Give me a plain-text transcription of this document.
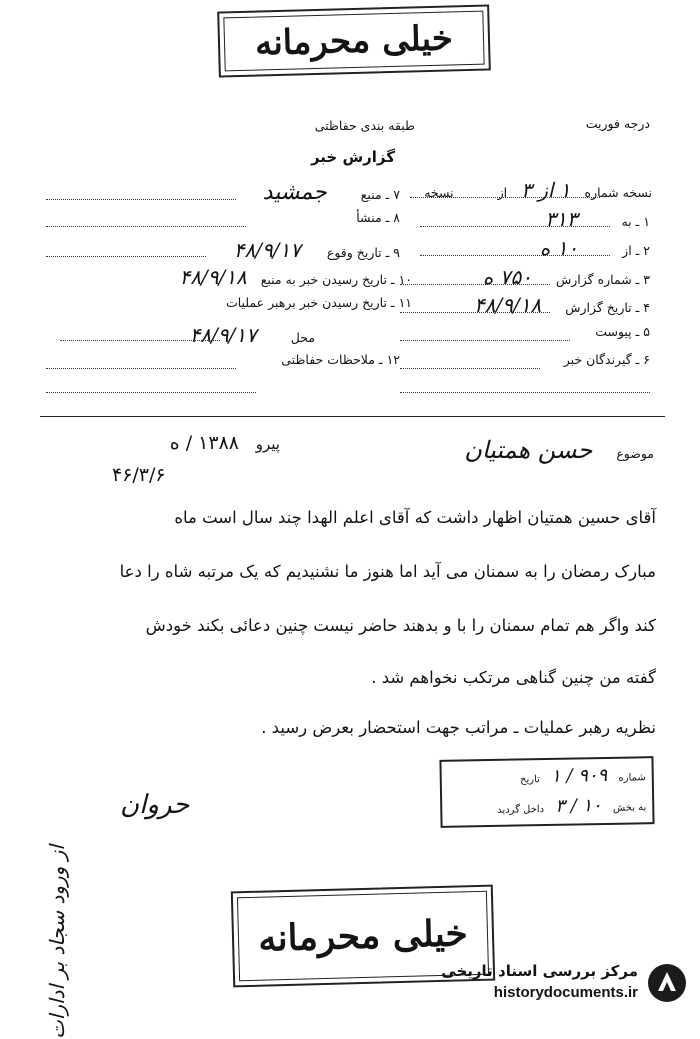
خیلی محرمانه
درجه فوریت
طبقه بندی حفاظتی
گزارش خبر
نسخه شماره ۱ از ۳ از نسخه
۱ ـ به ۳۱۳
۲ ـ از ۱۰ ه
۳ ـ شماره گزارش ۷۵۰ ه
۴ ـ تاریخ گزارش ۴۸/۹/۱۸
۵ ـ پیوست
۶ ـ گیرندگان خبر
۷ ـ منبع جمشید
۸ ـ منشأ
۹ ـ تاریخ وقوع ۴۸/۹/۱۷
۱۰ ـ تاریخ رسیدن خبر به منبع ۴۸/۹/۱۸
۱۱ ـ تاریخ رسیدن خبر برهبر عملیات
محل ۴۸/۹/۱۷
۱۲ ـ ملاحظات حفاظتی
موضوع حسن همتیان
پیرو ۱۳۸۸ / ه
۴۶/۳/۶
آقای حسین همتیان اظهار داشت که آقای اعلم الهدا چند سال است ماه
مبارک رمضان را به سمنان می آید اما هنوز ما نشنیدیم که یک مرتبه شاه را دعا
کند واگر هم تمام سمنان را با و بدهند حاضر نیست چنین دعائی بکند خودش
گفته من چنین گناهی مرتکب نخواهم شد .
نظریه رهبر عملیات ـ مراتب جهت استحضار بعرض رسید .
شماره ۹۰۹ / ۱ تاریخ
به بخش ۱۰ / ۳ داخل گردید
حروان
از ورود سجاد بر ادارات	خیلی محرمانه
مرکز بررسی اسناد تاریخی
historydocuments.ir
